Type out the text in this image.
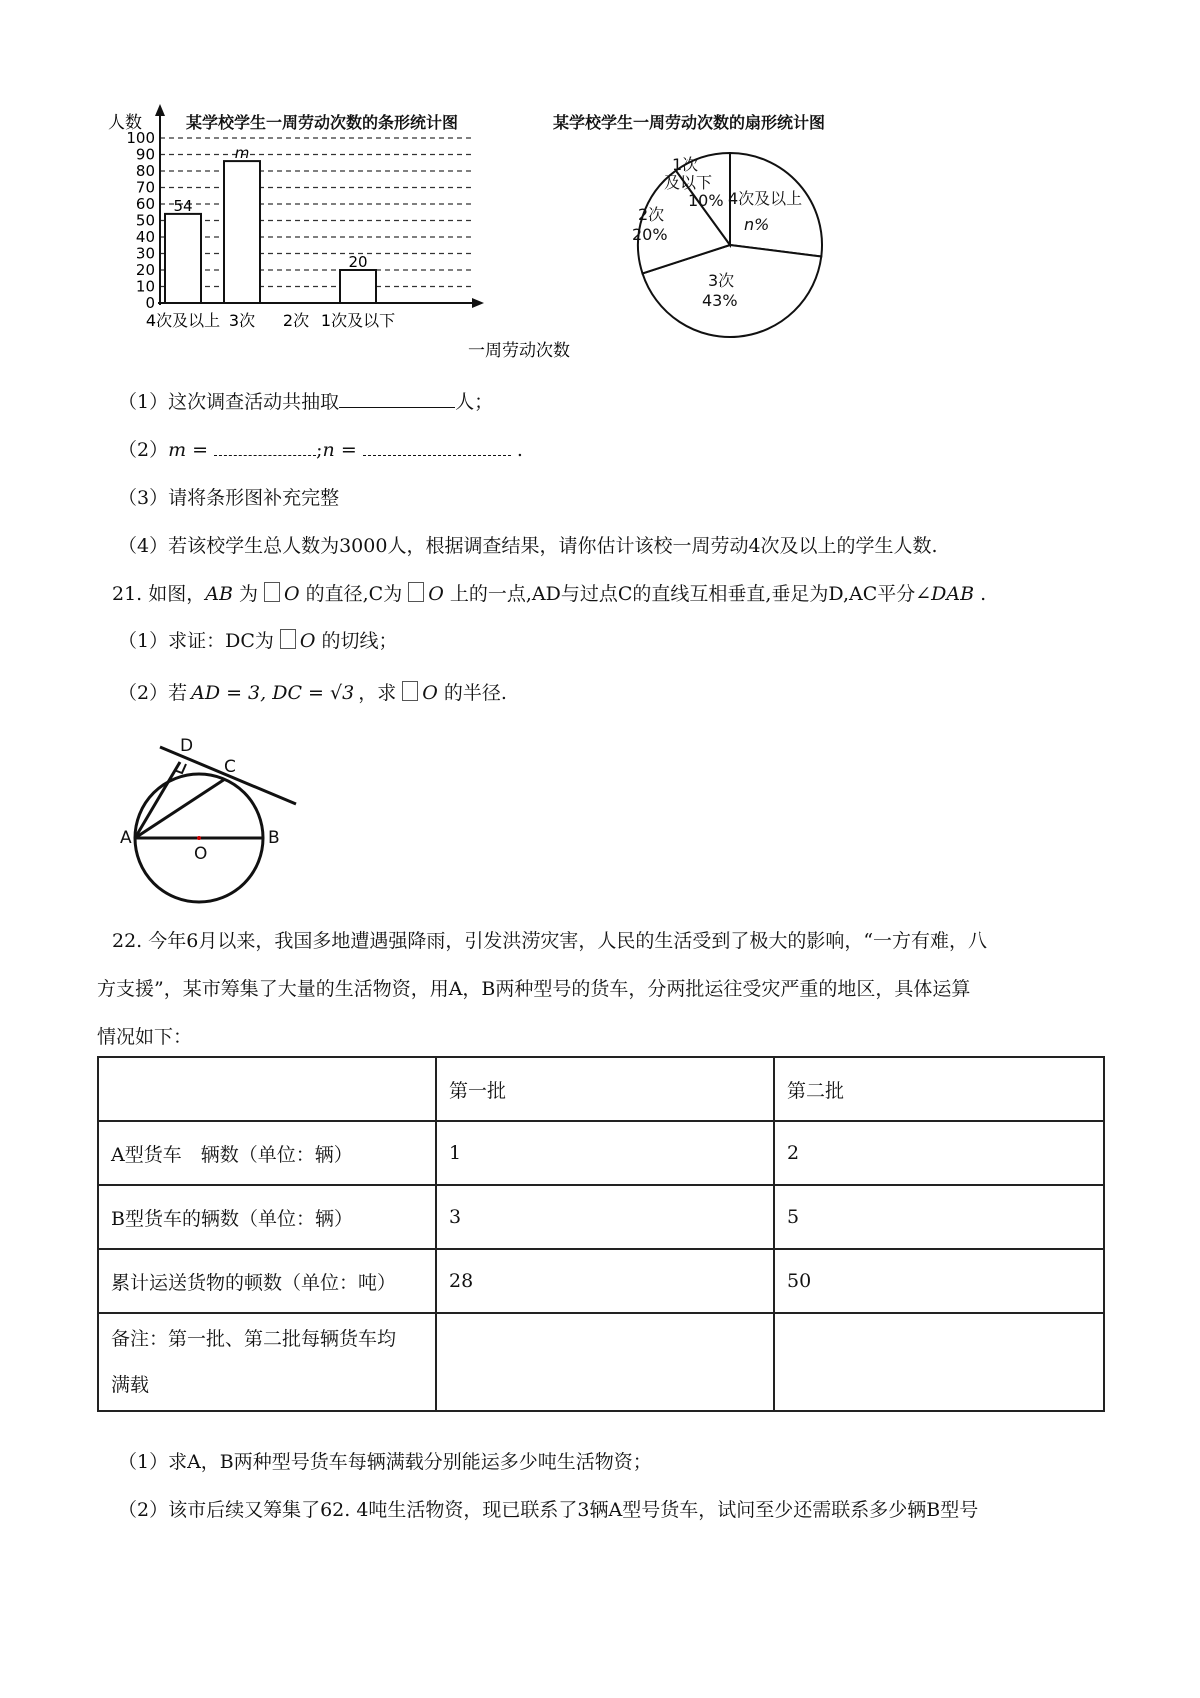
某学校学生一周劳动次数的条形统计图
54
m
20
0
10
20
30
40
50
60
70
80
90
100
4次及以上 3次 2次 1次及以下
人数
一周劳动次数
某学校学生一周劳动次数的扇形统计图
1次
及以下
10%
2次
20%
3次
43%
4次及以上
n%
（1）这次调查活动共抽取	人；
（2）m =	;n =	.
（3）请将条形图补充完整
（4）若该校学生总人数为3000人，根据调查结果，请你估计该校一周劳动4次及以上的学生人数.
21. 如图，AB 为 O 的直径,C为 O 上的一点,AD与过点C的直线互相垂直,垂足为D,AC平分∠DAB .
（1）求证：DC为 O 的切线；
（2）若 AD = 3, DC = √3 ，求 O 的半径.
D
C
A
O
B
22. 今年6月以来，我国多地遭遇强降雨，引发洪涝灾害，人民的生活受到了极大的影响，“一方有难，八
方支援”，某市筹集了大量的生活物资，用A，B两种型号的货车，分两批运往受灾严重的地区，具体运算
情况如下：
	第一批	第二批
A型货车　辆数（单位：辆）	1	2
B型货车的辆数（单位：辆）	3	5
累计运送货物的顿数（单位：吨）	28	50

备注：第一批、第二批每辆货车均
满载		

（1）求A，B两种型号货车每辆满载分别能运多少吨生活物资；
（2）该市后续又筹集了62. 4吨生活物资，现已联系了3辆A型号货车，试问至少还需联系多少辆B型号
